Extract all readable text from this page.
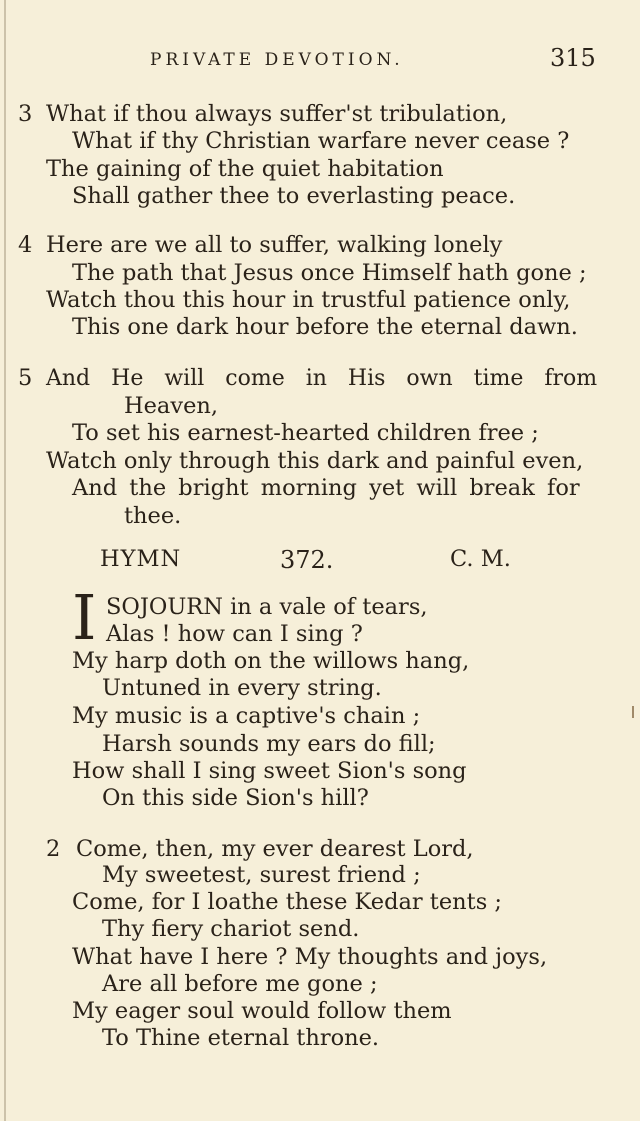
PRIVATE DEVOTION.	315
3 What if thou always suffer'st tribulation,
What if thy Christian warfare never cease ?
The gaining of the quiet habitation
Shall gather thee to everlasting peace.
4 Here are we all to suffer, walking lonely
The path that Jesus once Himself hath gone ;
Watch thou this hour in trustful patience only,
This one dark hour before the eternal dawn.
5 And He will come in His own time from
Heaven,
To set his earnest-hearted children free ;
Watch only through this dark and painful even,
And the bright morning yet will break for
thee.
HYMN	372.	C. M.
I SOJOURN in a vale of tears,
Alas ! how can I sing ?
My harp doth on the willows hang,
Untuned in every string.
My music is a captive's chain ;
Harsh sounds my ears do fill;
How shall I sing sweet Sion's song
On this side Sion's hill?
2 Come, then, my ever dearest Lord,
My sweetest, surest friend ;
Come, for I loathe these Kedar tents ;
Thy fiery chariot send.
What have I here ? My thoughts and joys,
Are all before me gone ;
My eager soul would follow them
To Thine eternal throne.
